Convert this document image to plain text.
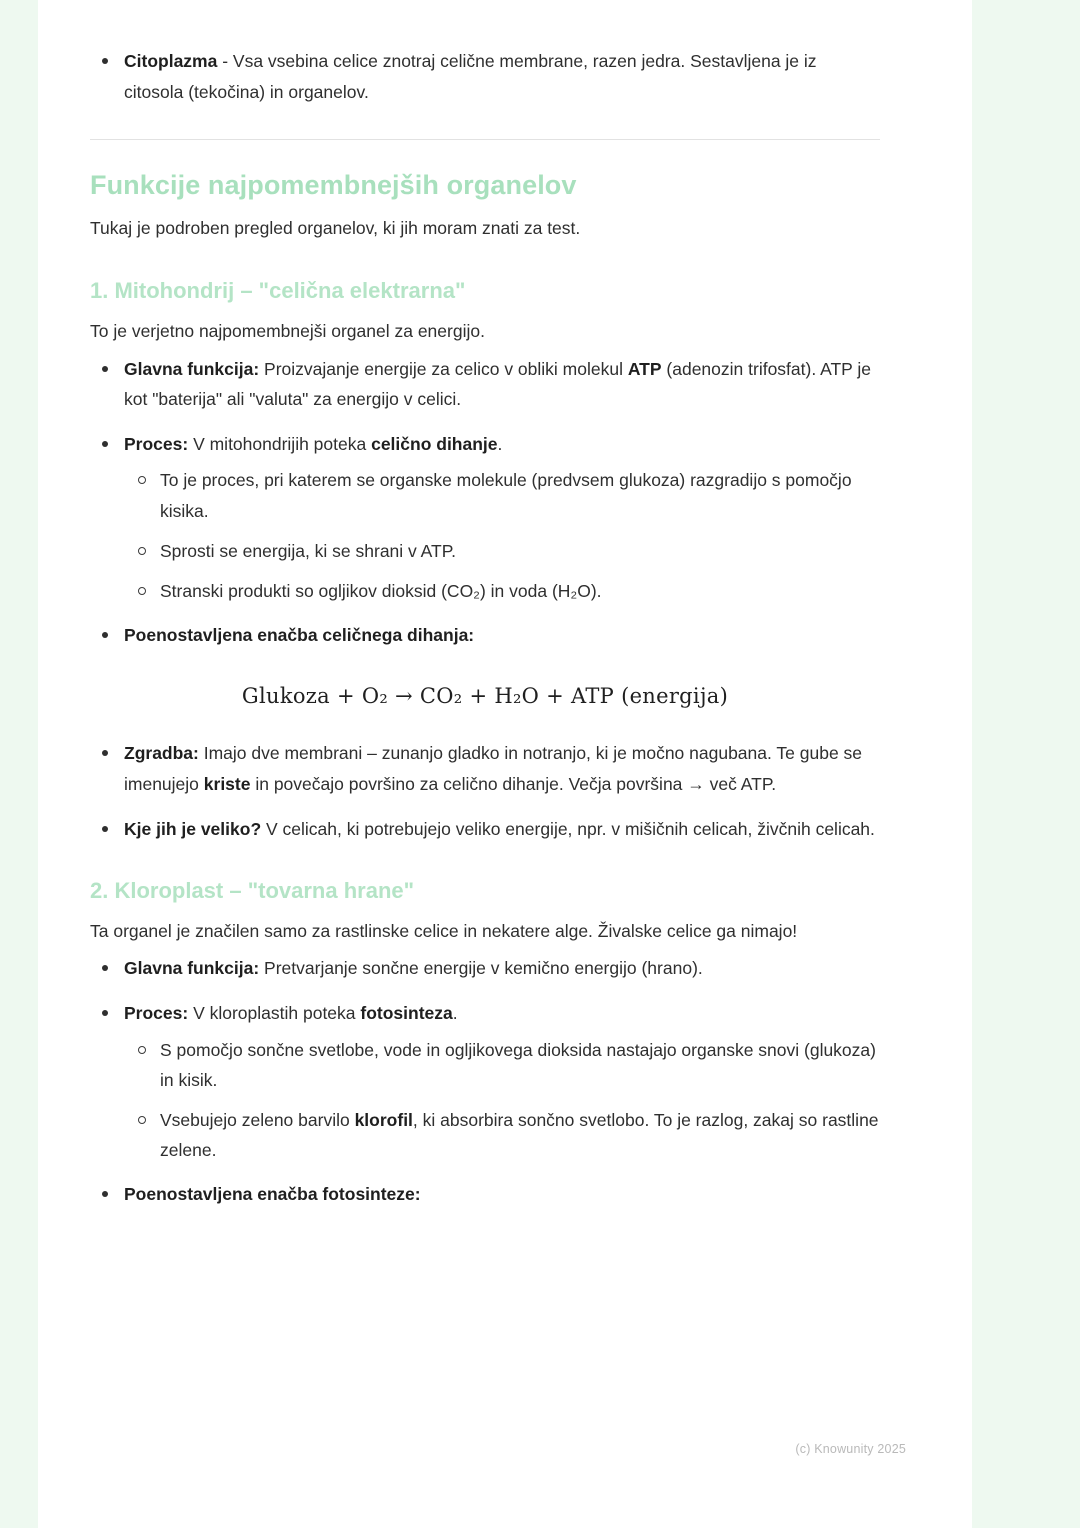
Citoplazma - Vsa vsebina celice znotraj celične membrane, razen jedra. Sestavljena je iz citosola (tekočina) in organelov.
Funkcije najpomembnejših organelov

Tukaj je podroben pregled organelov, ki jih moram znati za test.

1. Mitohondrij – "celična elektrarna"

To je verjetno najpomembnejši organel za energijo.

Glavna funkcija: Proizvajanje energije za celico v obliki molekul ATP (adenozin trifosfat). ATP je kot "baterija" ali "valuta" za energijo v celici.
Proces: V mitohondrijih poteka celično dihanje.
To je proces, pri katerem se organske molekule (predvsem glukoza) razgradijo s pomočjo kisika.
Sprosti se energija, ki se shrani v ATP.
Stranski produkti so ogljikov dioksid (CO₂) in voda (H₂O).
Poenostavljena enačba celičnega dihanja:
Glukoza + O₂ → CO₂ + H₂O + ATP (energija)
Zgradba: Imajo dve membrani – zunanjo gladko in notranjo, ki je močno nagubana. Te gube se imenujejo kriste in povečajo površino za celično dihanje. Večja površina → več ATP.
Kje jih je veliko? V celicah, ki potrebujejo veliko energije, npr. v mišičnih celicah, živčnih celicah.
2. Kloroplast – "tovarna hrane"

Ta organel je značilen samo za rastlinske celice in nekatere alge. Živalske celice ga nimajo!

Glavna funkcija: Pretvarjanje sončne energije v kemično energijo (hrano).
Proces: V kloroplastih poteka fotosinteza.
S pomočjo sončne svetlobe, vode in ogljikovega dioksida nastajajo organske snovi (glukoza) in kisik.
Vsebujejo zeleno barvilo klorofil, ki absorbira sončno svetlobo. To je razlog, zakaj so rastline zelene.
Poenostavljena enačba fotosinteze:
(c) Knowunity 2025
